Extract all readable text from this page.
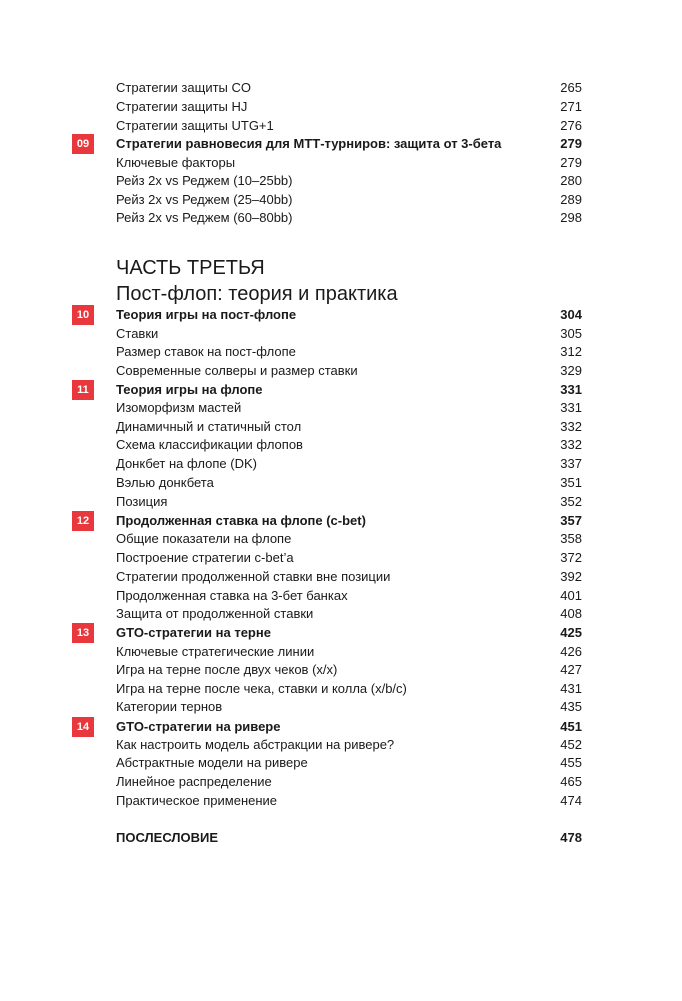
Стратегии защиты CO	265
Стратегии защиты HJ	271
Стратегии защиты UTG+1	276
09	Стратегии равновесия для МТТ-турниров: защита от 3-бета	279
Ключевые факторы	279
Рейз 2x vs Реджем (10–25bb)	280
Рейз 2x vs Реджем (25–40bb)	289
Рейз 2x vs Реджем (60–80bb)	298
ЧАСТЬ ТРЕТЬЯ
Пост-флоп: теория и практика
10	Теория игры на пост-флопе	304
Ставки	305
Размер ставок на пост-флопе	312
Современные солверы и размер ставки	329
11	Теория игры на флопе	331
Изоморфизм мастей	331
Динамичный и статичный стол	332
Схема классификации флопов	332
Донкбет на флопе (DK)	337
Вэлью донкбета	351
Позиция	352
12	Продолженная ставка на флопе (c-bet)	357
Общие показатели на флопе	358
Построение стратегии c-bet’а	372
Стратегии продолженной ставки вне позиции	392
Продолженная ставка на 3-бет банках	401
Защита от продолженной ставки	408
13	GTO-стратегии на терне	425
Ключевые стратегические линии	426
Игра на терне после двух чеков (x/x)	427
Игра на терне после чека, ставки и колла (x/b/c)	431
Категории тернов	435
14	GTO-стратегии на ривере	451
Как настроить модель абстракции на ривере?	452
Абстрактные модели на ривере	455
Линейное распределение	465
Практическое применение	474
ПОСЛЕСЛОВИЕ	478
